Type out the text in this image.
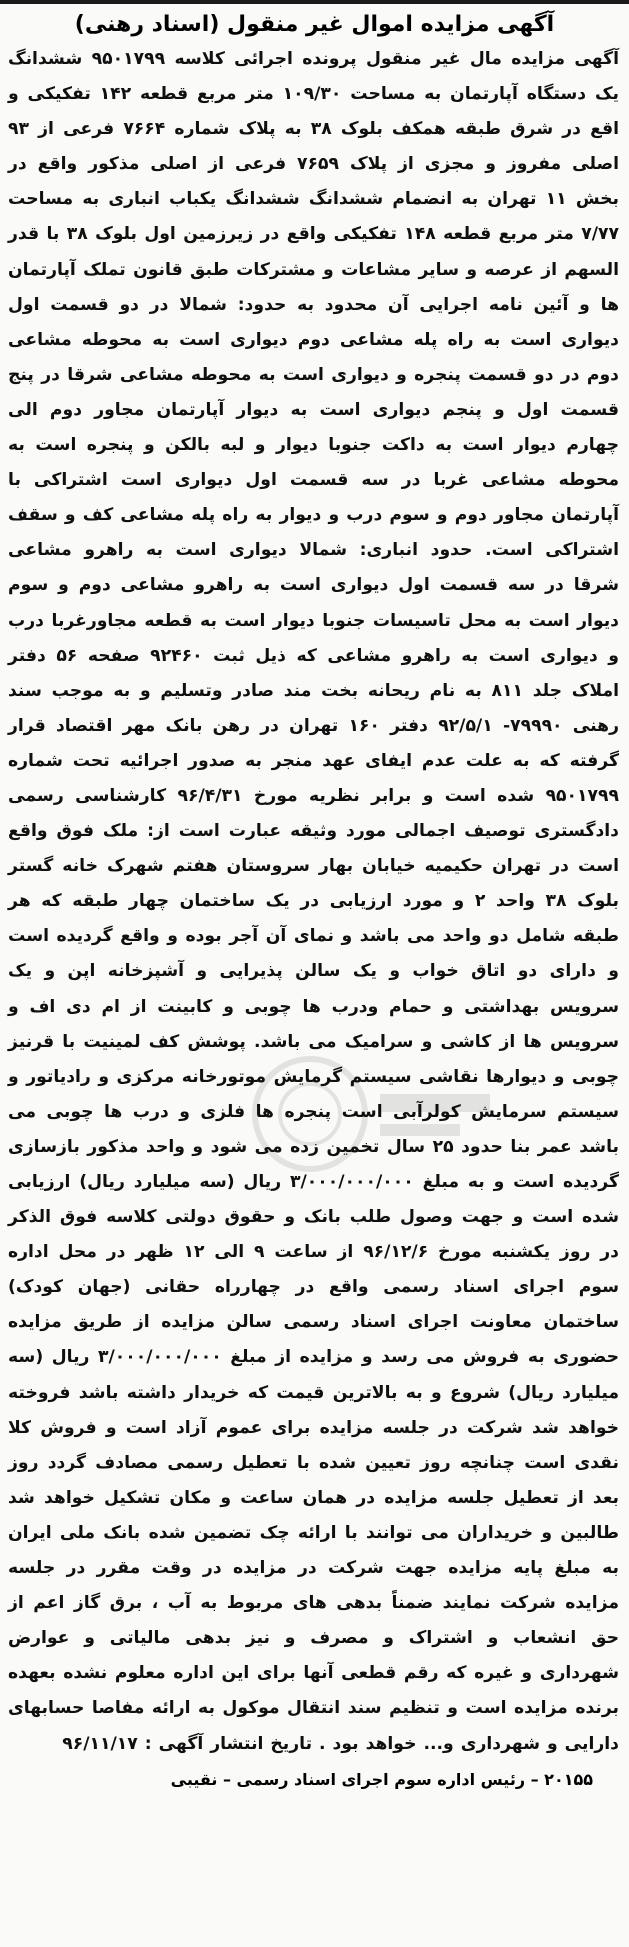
آگهی مزایده اموال غیر منقول (اسناد رهنی)

آگهی مزایده مال غیر منقول پرونده اجرائی کلاسه ۹۵۰۱۷۹۹ ششدانگ یک دستگاه آپارتمان به مساحت ۱۰۹/۳۰ متر مربع قطعه ۱۴۲ تفکیکی و اقع در شرق طبقه همکف بلوک ۳۸ به پلاک شماره ۷۶۶۴ فرعی از ۹۳ اصلی مفروز و مجزی از پلاک ۷۶۵۹ فرعی از اصلی مذکور واقع در بخش ۱۱ تهران به انضمام ششدانگ ششدانگ یکباب انباری به مساحت ۷/۷۷ متر مربع قطعه ۱۴۸ تفکیکی واقع در زیرزمین اول بلوک ۳۸ با قدر السهم از عرصه و سایر مشاعات و مشترکات طبق قانون تملک آپارتمان ها و آئین نامه اجرایی آن محدود به حدود: شمالا در دو قسمت اول دیواری است به راه پله مشاعی دوم دیواری است به محوطه مشاعی دوم در دو قسمت پنجره و دیواری است به محوطه مشاعی شرقا در پنج قسمت اول و پنجم دیواری است به دیوار آپارتمان مجاور دوم الی چهارم دیوار است به داکت جنوبا دیوار و لبه بالکن و پنجره است به محوطه مشاعی غربا در سه قسمت اول دیواری است اشتراکی با آپارتمان مجاور دوم و سوم درب و دیوار به راه پله مشاعی کف و سقف اشتراکی است. حدود انباری: شمالا دیواری است به راهرو مشاعی شرقا در سه قسمت اول دیواری است به راهرو مشاعی دوم و سوم دیوار است به محل تاسیسات جنوبا دیوار است به قطعه مجاورغربا درب و دیواری است به راهرو مشاعی که ذیل ثبت ۹۲۴۶۰ صفحه ۵۶ دفتر املاک جلد ۸۱۱ به نام ریحانه بخت مند صادر وتسلیم و به موجب سند رهنی ۷۹۹۹۰- ۹۲/۵/۱ دفتر ۱۶۰ تهران در رهن بانک مهر اقتصاد قرار گرفته که به علت عدم ایفای عهد منجر به صدور اجرائیه تحت شماره ۹۵۰۱۷۹۹ شده است و برابر نظریه مورخ ۹۶/۴/۳۱ کارشناسی رسمی دادگستری توصیف اجمالی مورد وثیقه عبارت است از: ملک فوق واقع است در تهران حکیمیه خیابان بهار سروستان هفتم شهرک خانه گستر بلوک ۳۸ واحد ۲ و مورد ارزیابی در یک ساختمان چهار طبقه که هر طبقه شامل دو واحد می باشد و نمای آن آجر بوده و واقع گردیده است و دارای دو اتاق خواب و یک سالن پذیرایی و آشپزخانه اپن و یک سرویس بهداشتی و حمام ودرب ها چوبی و کابینت از ام دی اف و سرویس ها از کاشی و سرامیک می باشد. پوشش کف لمینیت با قرنیز چوبی و دیوارها نقاشی سیستم گرمایش موتورخانه مرکزی و رادیاتور و سیستم سرمایش کولرآبی است پنجره ها فلزی و درب ها چوبی می باشد عمر بنا حدود ۲۵ سال تخمین زده می شود و واحد مذکور بازسازی گردیده است و به مبلغ ۳/۰۰۰/۰۰۰/۰۰۰ ریال (سه میلیارد ریال) ارزیابی شده است و جهت وصول طلب بانک و حقوق دولتی کلاسه فوق الذکر در روز یکشنبه مورخ ۹۶/۱۲/۶ از ساعت ۹ الی ۱۲ ظهر در محل اداره سوم اجرای اسناد رسمی واقع در چهارراه حقانی (جهان کودک) ساختمان معاونت اجرای اسناد رسمی سالن مزایده از طریق مزایده حضوری به فروش می رسد و مزایده از مبلغ ۳/۰۰۰/۰۰۰/۰۰۰ ریال (سه میلیارد ریال) شروع و به بالاترین قیمت که خریدار داشته باشد فروخته خواهد شد شرکت در جلسه مزایده برای عموم آزاد است و فروش کلا نقدی است چنانچه روز تعیین شده با تعطیل رسمی مصادف گردد روز بعد از تعطیل جلسه مزایده در همان ساعت و مکان تشکیل خواهد شد طالبین و خریداران می توانند با ارائه چک تضمین شده بانک ملی ایران به مبلغ پایه مزایده جهت شرکت در مزایده در وقت مقرر در جلسه مزایده شرکت نمایند ضمناً بدهی های مربوط به آب ، برق گاز اعم از حق انشعاب و اشتراک و مصرف و نیز بدهی مالیاتی و عوارض شهرداری و غیره که رقم قطعی آنها برای این اداره معلوم نشده بعهده برنده مزایده است و تنظیم سند انتقال موکول به ارائه مفاصا حسابهای دارایی و شهرداری و... خواهد بود . تاریخ انتشار آگهی : ۹۶/۱۱/۱۷

۲۰۱۵۵ – رئیس اداره سوم اجرای اسناد رسمی – نقیبی
